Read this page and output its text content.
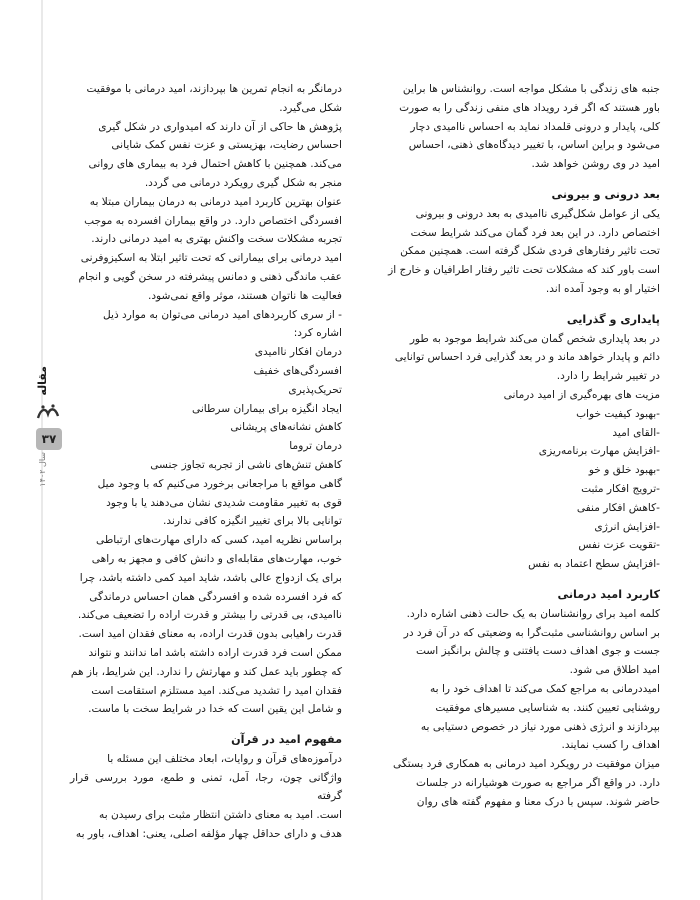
مقاله
۳۷
سال ۱۴۰۲

جنبه های زندگی با مشکل مواجه است. روانشناس ها براین

باور هستند که اگر فرد رویداد های منفی زندگی را به صورت

کلی، پایدار و درونی قلمداد نماید به احساس ناامیدی دچار

می‌شود و براین اساس، با تغییر دیدگاه‌های ذهنی، احساس

امید در وی روشن خواهد شد.

بعد درونی و بیرونی

یکی از عوامل شکل‌گیری ناامیدی به بعد درونی و بیرونی

اختصاص دارد. در این بعد فرد گمان می‌کند شرایط سخت

تحت تاثیر رفتارهای فردی شکل گرفته است. همچنین ممکن

است باور کند که مشکلات تحت تاثیر رفتار اطرافیان و خارج از

اختیار او به وجود آمده اند.

پایداری و گذرایی

در بعد پایداری شخص گمان می‌کند شرایط موجود به طور

دائم و پایدار خواهد ماند و در بعد گذرایی فرد احساس توانایی

در تغییر شرایط را دارد.

مزیت های بهره‌گیری از امید درمانی

-بهبود کیفیت خواب

-القای امید

-افزایش مهارت برنامه‌ریزی

-بهبود خلق و خو

-ترویج افکار مثبت

-کاهش افکار منفی

-افزایش انرژی

-تقویت عزت نفس

-افزایش سطح اعتماد به نفس

کاربرد امید درمانی

کلمه امید برای روانشناسان به یک حالت ذهنی اشاره دارد.

بر اساس روانشناسی مثبت‌گرا به وضعیتی که در آن فرد در

جست و جوی اهداف دست یافتنی و چالش برانگیز است

امید اطلاق می شود.

امیددرمانی به مراجع کمک می‌کند تا اهداف خود را به

روشنایی تعیین کنند. به شناسایی مسیرهای موفقیت

بپردازند و انرژی ذهنی مورد نیاز در خصوص دستیابی به

اهداف را کسب نمایند.

میزان موفقیت در رویکرد امید درمانی به همکاری فرد بستگی

دارد. در واقع اگر مراجع به صورت هوشیارانه در جلسات

حاضر شوند. سپس با درک معنا و مفهوم گفته های روان

درمانگر به انجام تمرین ها بپردازند، امید درمانی با موفقیت

شکل می‌گیرد.

پژوهش ها حاکی از آن دارند که امیدواری در شکل گیری

احساس رضایت، بهزیستی و عزت نفس کمک شایانی

می‌کند. همچنین با کاهش احتمال فرد به بیماری های روانی

منجر به شکل گیری رویکرد درمانی می گردد.

عنوان بهترین کاربرد امید درمانی به درمان بیماران مبتلا به

افسردگی اختصاص دارد. در واقع بیماران افسرده به موجب

تجربه مشکلات سخت واکنش بهتری به امید درمانی دارند.

امید درمانی برای بیمارانی که تحت تاثیر ابتلا به اسکیزوفرنی

عقب ماندگی ذهنی و دمانس پیشرفته در سخن گویی و انجام

فعالیت ها ناتوان هستند، موثر واقع نمی‌شود.

- از سری کاربردهای امید درمانی می‌توان به موارد ذیل

اشاره کرد:

درمان افکار ناامیدی

افسردگی‌های خفیف

تحریک‌پذیری

ایجاد انگیزه برای بیماران سرطانی

کاهش نشانه‌های پریشانی

درمان تروما

کاهش تنش‌های ناشی از تجربه تجاوز جنسی

گاهی مواقع با مراجعانی برخورد می‌کنیم که با وجود میل

قوی به تغییر مقاومت شدیدی نشان می‌دهند یا با وجود

توانایی بالا برای تغییر انگیزه کافی ندارند.

براساس نظریه امید، کسی که دارای مهارت‌های ارتباطی

خوب، مهارت‌های مقابله‌ای و دانش کافی و مجهز به راهی

برای یک ازدواج عالی باشد، شاید امید کمی داشته باشد، چرا

که فرد افسرده شده و افسردگی همان احساس درماندگی

ناامیدی، بی قدرتی را بیشتر و قدرت اراده را تضعیف می‌کند.

قدرت راهیابی بدون قدرت اراده، به معنای فقدان امید است.

ممکن است فرد قدرت اراده داشته باشد اما ندانند و نتواند

که چطور باید عمل کند و مهارتش را ندارد. این شرایط، باز هم

فقدان امید را تشدید می‌کند. امید مستلزم استقامت است

و شامل این یقین است که خدا در شرایط سخت با ماست.

مفهوم امید در قرآن

درآموزه‌های قرآن و روایات، ابعاد مختلف این مسئله با

واژگانی چون، رجا، آمل، تمنی و طمع، مورد بررسی قرار گرفته

است. امید به معنای داشتن انتظار مثبت برای رسیدن به

هدف و دارای حداقل چهار مؤلفه اصلی، یعنی: اهداف، باور به
